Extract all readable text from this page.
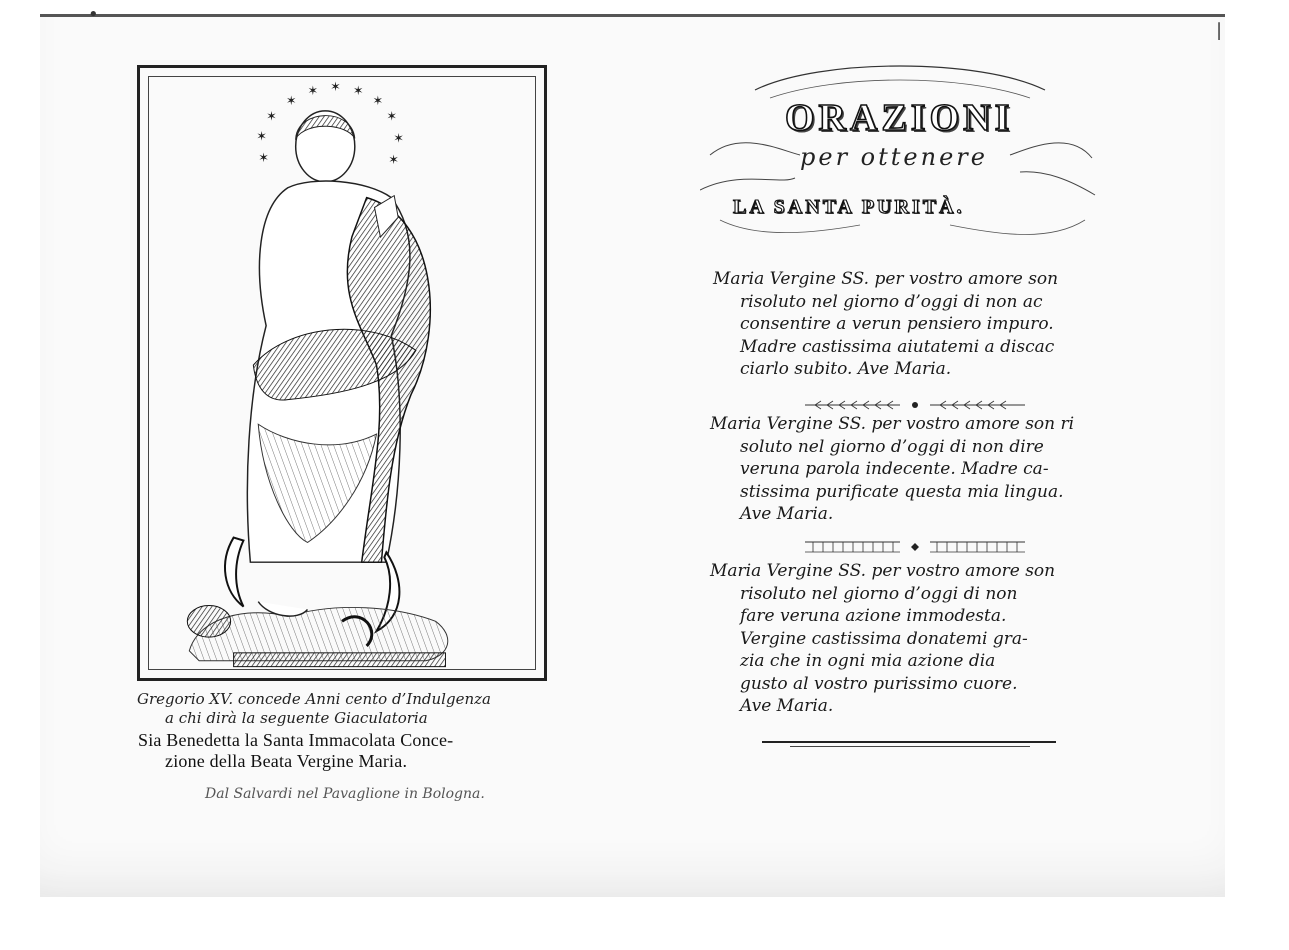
•
|
✶
✶ ✶ ✶
✶
✶
✶
✶
✶
✶
✶
Gregorio XV. concede Anni cento d’Indulgenza
a chi dirà la seguente Giaculatoria
Sia Benedetta la Santa Immacolata Conce-
zione della Beata Vergine Maria.
Dal Salvardi nel Pavaglione in Bologna.
ORAZIONI
per ottenere
LA SANTA PURITÀ.
Maria Vergine SS. per vostro amore son
risoluto nel giorno d’oggi di non ac
consentire a verun pensiero impuro.
Madre castissima aiutatemi a discac
ciarlo subito. Ave Maria.
Maria Vergine SS. per vostro amore son ri
soluto nel giorno d’oggi di non dire
veruna parola indecente. Madre ca-
stissima purificate questa mia lingua.
Ave Maria.
Maria Vergine SS. per vostro amore son
risoluto nel giorno d’oggi di non
fare veruna azione immodesta.
Vergine castissima donatemi gra-
zia che in ogni mia azione dia
gusto al vostro purissimo cuore.
Ave Maria.
